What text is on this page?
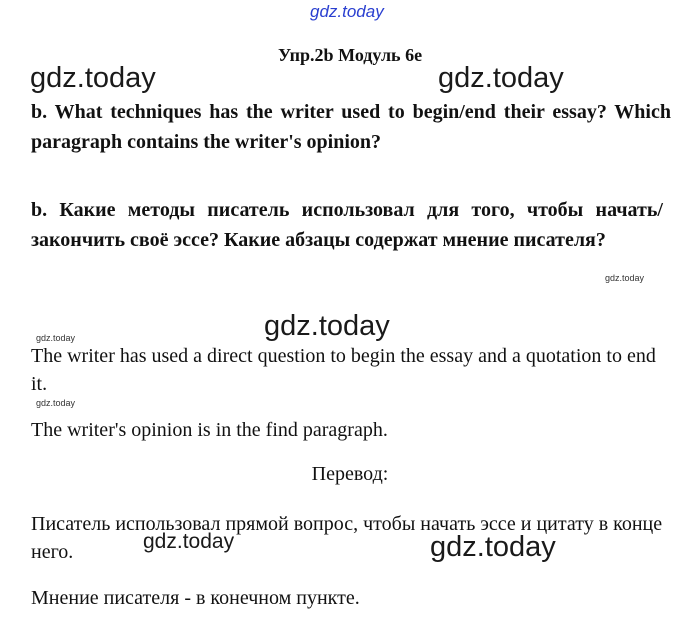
gdz.today
gdz.today	gdz.today
gdz.today
gdz.today
gdz.today
gdz.today
gdz.today	gdz.today
Упр.2b Модуль 6e
b. What techniques has the writer used to begin/end their essay? Which paragraph contains the writer's opinion?
b. Какие методы писатель использовал для того, чтобы начать/закончить своё эссе? Какие абзацы содержат мнение писателя?
The writer has used a direct question to begin the essay and a quotation to end it.
The writer's opinion is in the find paragraph.
Перевод:
Писатель использовал прямой вопрос, чтобы начать эссе и цитату в конце него.
Мнение писателя - в конечном пункте.
